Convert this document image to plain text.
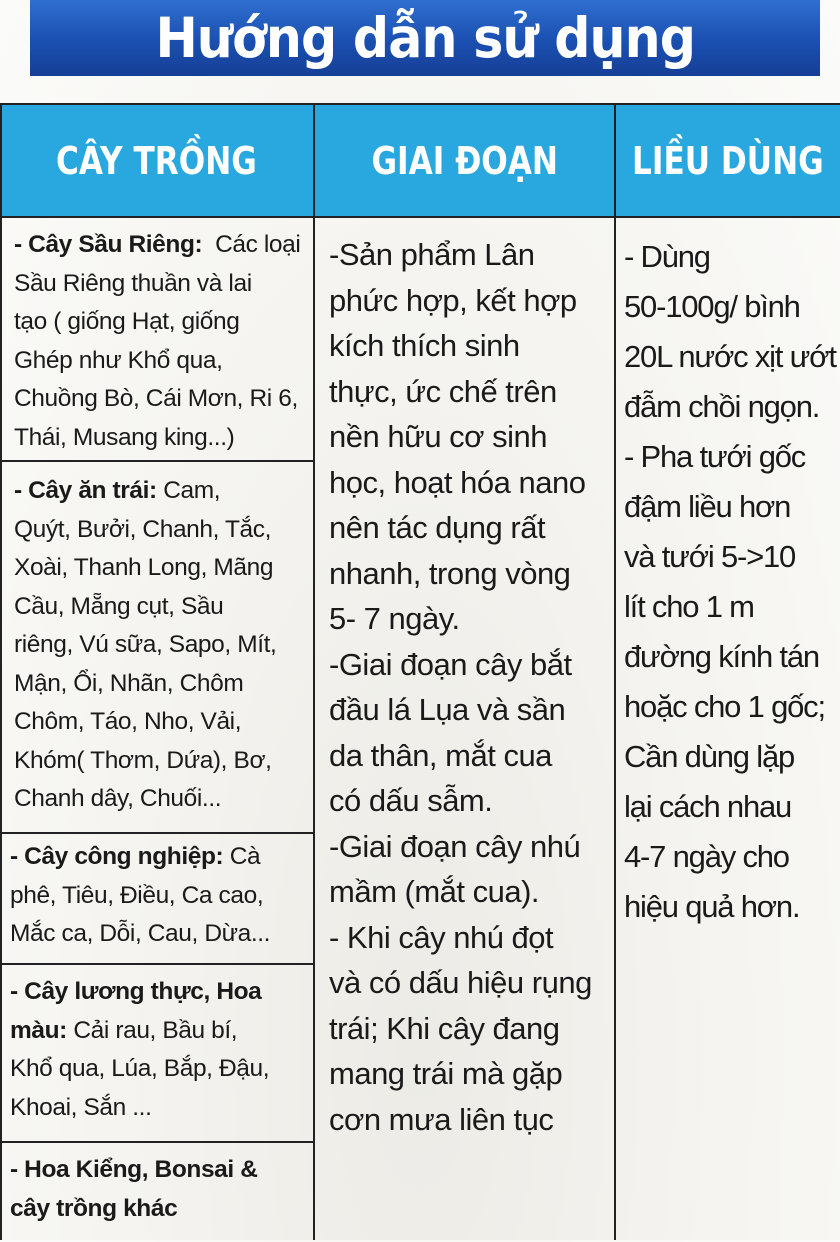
Hướng dẫn sử dụng
CÂY TRỒNG	GIAI ĐOẠN LIỀU DÙNG
- Cây Sầu Riêng: Các loại
Sầu Riêng thuần và lai
tạo ( giống Hạt, giống
Ghép như Khổ qua,
Chuồng Bò, Cái Mơn, Ri 6,
Thái, Musang king...)
- Cây ăn trái: Cam,
Quýt, Bưởi, Chanh, Tắc,
Xoài, Thanh Long, Mãng
Cầu, Mẵng cụt, Sầu
riêng, Vú sữa, Sapo, Mít,
Mận, Ổi, Nhãn, Chôm
Chôm, Táo, Nho, Vải,
Khóm( Thơm, Dứa), Bơ,
Chanh dây, Chuối...
- Cây công nghiệp: Cà
phê, Tiêu, Điều, Ca cao,
Mắc ca, Dỗi, Cau, Dừa...
- Cây lương thực, Hoa
màu: Cải rau, Bầu bí,
Khổ qua, Lúa, Bắp, Đậu,
Khoai, Sắn ...
- Hoa Kiểng, Bonsai &
cây trồng khác
-Sản phẩm Lân
phức hợp, kết hợp
kích thích sinh
thực, ức chế trên
nền hữu cơ sinh
học, hoạt hóa nano
nên tác dụng rất
nhanh, trong vòng
5- 7 ngày.
-Giai đoạn cây bắt
đầu lá Lụa và sần
da thân, mắt cua
có dấu sẫm.
-Giai đoạn cây nhú
mầm (mắt cua).
- Khi cây nhú đọt
và có dấu hiệu rụng
trái; Khi cây đang
mang trái mà gặp
cơn mưa liên tục
- Dùng
50-100g/ bình
20L nước xịt ướt
đẫm chồi ngọn.
- Pha tưới gốc
đậm liều hơn
và tưới 5->10
lít cho 1 m
đường kính tán
hoặc cho 1 gốc;
Cần dùng lặp
lại cách nhau
4-7 ngày cho
hiệu quả hơn.
